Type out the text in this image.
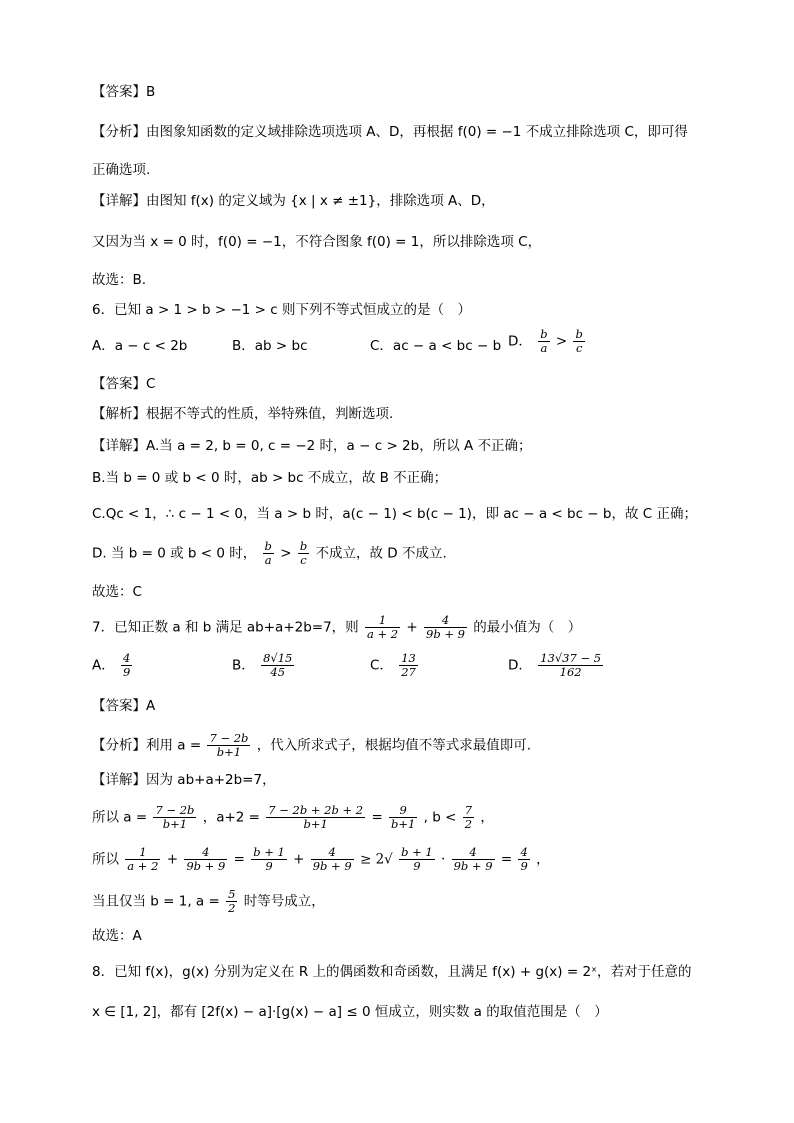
【答案】B
【分析】由图象知函数的定义域排除选项选项 A、D，再根据 f(0) = −1 不成立排除选项 C，即可得
正确选项.
【详解】由图知 f(x) 的定义域为 {x | x ≠ ±1}，排除选项 A、D，
又因为当 x = 0 时，f(0) = −1，不符合图象 f(0) = 1，所以排除选项 C，
故选：B.
6．已知 a > 1 > b > −1 > c 则下列不等式恒成立的是（　）
A．a − c < 2b	B．ab > bc	C．ac − a < bc − b D． $\frac{b}{a} > \frac{b}{c}$
【答案】C
【解析】根据不等式的性质，举特殊值，判断选项.
【详解】A.当 a = 2, b = 0, c = −2 时，a − c > 2b，所以 A 不正确；
B.当 b = 0 或 b < 0 时，ab > bc 不成立，故 B 不正确；
C.Qc < 1，∴ c − 1 < 0，当 a > b 时，a(c − 1) < b(c − 1)，即 ac − a < bc − b，故 C 正确；
D. 当 b = 0 或 b < 0 时， $\frac{b}{a} > \frac{b}{c}$ 不成立，故 D 不成立.
故选：C
7．已知正数 a 和 b 满足 ab+a+2b=7，则 $\frac{1}{a + 2} + \frac{4}{9b + 9}$ 的最小值为（　）
A． $\frac{4}{9}$	B． $\frac{8√15}{45}$	C． $\frac{13}{27}$	D． $\frac{13√37 - 5}{162}$
【答案】A
【分析】利用 $a = \frac{7 - 2b}{b+1}$ ，代入所求式子，根据均值不等式求最值即可.
【详解】因为 ab+a+2b=7，
所以 $a = \frac{7 - 2b}{b+1}$ ，$a+2 = \frac{7 - 2b + 2b + 2}{b+1} = \frac{9}{b+1}$ , $b < \frac{7}{2}$ ，
所以 $\frac{1}{a + 2} + \frac{4}{9b + 9} = \frac{b + 1}{9} + \frac{4}{9b + 9} \ge 2√ \frac{b + 1}{9} \cdot \frac{4}{9b + 9} = \frac{4}{9}$ ，
当且仅当 b = 1, $a = \frac{5}{2}$ 时等号成立，
故选：A
8．已知 f(x)，g(x) 分别为定义在 R 上的偶函数和奇函数，且满足 f(x) + g(x) = 2ˣ，若对于任意的
x ∈ [1, 2]，都有 [2f(x) − a]·[g(x) − a] ≤ 0 恒成立，则实数 a 的取值范围是（　）
